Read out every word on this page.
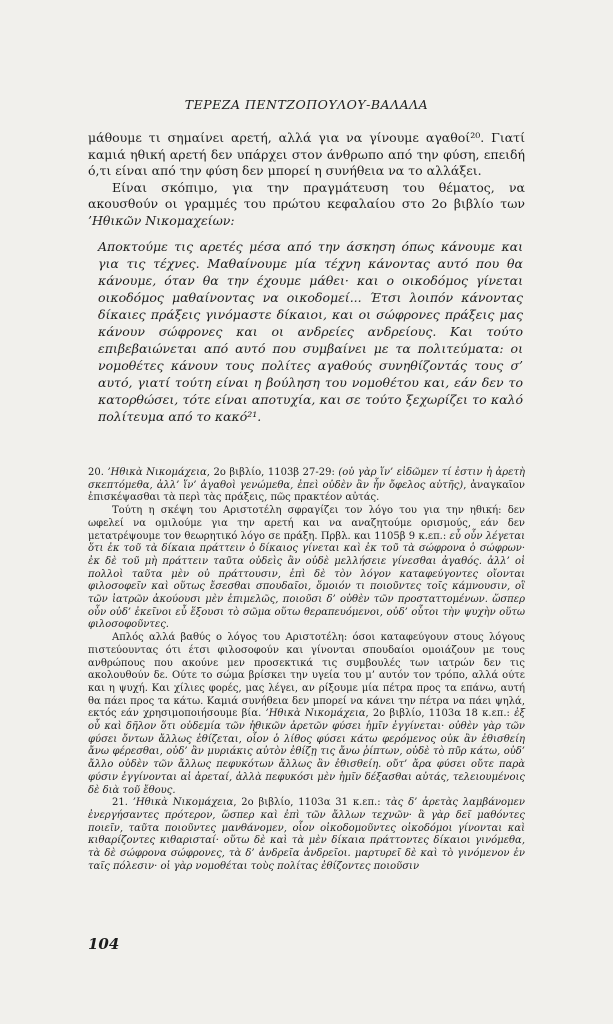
ΤΕΡΕΖΑ ΠΕΝΤΖΟΠΟΥΛΟΥ-ΒΑΛΑΛΑ

μάθουμε τι σημαίνει αρετή, αλλά για να γίνουμε αγαθοί²⁰. Γιατί καμιά ηθική αρετή δεν υπάρχει στον άνθρωπο από την φύση, επειδή ό,τι είναι από την φύση δεν μπορεί η συνήθεια να το αλλάξει.

Είναι σκόπιμο, για την πραγμάτευση του θέματος, να ακουσθούν οι γραμμές του πρώτου κεφαλαίου στο 2ο βιβλίο των ’Ηθικῶν Νικομαχείων:

Αποκτούμε τις αρετές μέσα από την άσκηση όπως κάνουμε και για τις τέχνες. Μαθαίνουμε μία τέχνη κάνοντας αυτό που θα κάνουμε, όταν θα την έχουμε μάθει· και ο οικοδόμος γίνεται οικοδόμος μαθαίνοντας να οικοδομεί... Έτσι λοιπόν κάνοντας δίκαιες πράξεις γινόμαστε δίκαιοι, και οι σώφρονες πράξεις μας κάνουν σώφρονες και οι ανδρείες ανδρείους. Και τούτο επιβεβαιώνεται από αυτό που συμβαίνει με τα πολιτεύματα: οι νομοθέτες κάνουν τους πολίτες αγαθούς συνηθίζοντάς τους σ’ αυτό, γιατί τούτη είναι η βούληση του νομοθέτου και, εάν δεν το κατορθώσει, τότε είναι αποτυχία, και σε τούτο ξεχωρίζει το καλό πολίτευμα από το κακό²¹.

20. ’Ηθικὰ Νικομάχεια, 2ο βιβλίο, 1103β 27-29: (οὐ γὰρ ἵν’ εἰδῶμεν τί ἐστιν ἡ ἀρετὴ σκεπτόμεθα, ἀλλ’ ἵν’ ἀγαθοὶ γενώμεθα, ἐπεὶ οὐδὲν ἂν ἦν ὄφελος αὐτῆς), ἀναγκαῖον ἐπισκέψασθαι τὰ περὶ τὰς πράξεις, πῶς πρακτέον αὐτάς.

Τούτη η σκέψη του Αριστοτέλη σφραγίζει τον λόγο του για την ηθική: δεν ωφελεί να ομιλούμε για την αρετή και να αναζητούμε ορισμούς, εάν δεν μετατρέψουμε τον θεωρητικό λόγο σε πράξη. Πρβλ. και 1105β 9 κ.επ.: εὖ οὖν λέγεται ὅτι ἐκ τοῦ τὰ δίκαια πράττειν ὁ δίκαιος γίνεται καὶ ἐκ τοῦ τὰ σώφρονα ὁ σώφρων· ἐκ δὲ τοῦ μὴ πράττειν ταῦτα οὐδεὶς ἂν οὐδὲ μελλήσειε γίνεσθαι ἀγαθός. ἀλλ’ οἱ πολλοὶ ταῦτα μὲν οὐ πράττουσιν, ἐπὶ δὲ τὸν λόγον καταφεύγοντες οἴονται φιλοσοφεῖν καὶ οὕτως ἔσεσθαι σπουδαῖοι, ὅμοιόν τι ποιοῦντες τοῖς κάμνουσιν, οἳ τῶν ἰατρῶν ἀκούουσι μὲν ἐπιμελῶς, ποιοῦσι δ’ οὐθὲν τῶν προσταττομένων. ὥσπερ οὖν οὐδ’ ἐκεῖνοι εὖ ἕξουσι τὸ σῶμα οὕτω θεραπευόμενοι, οὐδ’ οὗτοι τὴν ψυχὴν οὕτω φιλοσοφοῦντες.

Απλός αλλά βαθύς ο λόγος του Αριστοτέλη: όσοι καταφεύγουν στους λόγους πιστεύουντας ότι έτσι φιλοσοφούν και γίνονται σπουδαίοι ομοιάζουν με τους ανθρώπους που ακούνε μεν προσεκτικά τις συμβουλές των ιατρών δεν τις ακολουθούν δε. Ούτε το σώμα βρίσκει την υγεία του μ’ αυτόν τον τρόπο, αλλά ούτε και η ψυχή. Και χίλιες φορές, μας λέγει, αν ρίξουμε μία πέτρα προς τα επάνω, αυτή θα πάει προς τα κάτω. Καμιά συνήθεια δεν μπορεί να κάνει την πέτρα να πάει ψηλά, εκτός εάν χρησιμοποιήσουμε βία. ’Ηθικὰ Νικομάχεια, 2ο βιβλίο, 1103α 18 κ.επ.: ἐξ οὗ καὶ δῆλον ὅτι οὐδεμία τῶν ἠθικῶν ἀρετῶν φύσει ἡμῖν ἐγγίνεται· οὐθὲν γὰρ τῶν φύσει ὄντων ἄλλως ἐθίζεται, οἷον ὁ λίθος φύσει κάτω φερόμενος οὐκ ἂν ἐθισθείη ἄνω φέρεσθαι, οὐδ’ ἂν μυριάκις αὐτὸν ἐθίζῃ τις ἄνω ῥίπτων, οὐδὲ τὸ πῦρ κάτω, οὐδ’ ἄλλο οὐδὲν τῶν ἄλλως πεφυκότων ἄλλως ἂν ἐθισθείη. οὔτ’ ἄρα φύσει οὔτε παρὰ φύσιν ἐγγίνονται αἱ ἀρεταί, ἀλλὰ πεφυκόσι μὲν ἡμῖν δέξασθαι αὐτάς, τελειουμένοις δὲ διὰ τοῦ ἔθους.

21. ’Ηθικὰ Νικομάχεια, 2ο βιβλίο, 1103α 31 κ.επ.: τὰς δ’ ἀρετὰς λαμβάνομεν ἐνεργήσαντες πρότερον, ὥσπερ καὶ ἐπὶ τῶν ἄλλων τεχνῶν· ἃ γὰρ δεῖ μαθόντες ποιεῖν, ταῦτα ποιοῦντες μανθάνομεν, οἷον οἰκοδομοῦντες οἰκοδόμοι γίνονται καὶ κιθαρίζοντες κιθαρισταί· οὕτω δὲ καὶ τὰ μὲν δίκαια πράττοντες δίκαιοι γινόμεθα, τὰ δὲ σώφρονα σώφρονες, τὰ δ’ ἀνδρεῖα ἀνδρεῖοι. μαρτυρεῖ δὲ καὶ τὸ γινόμενον ἐν ταῖς πόλεσιν· οἱ γὰρ νομοθέται τοὺς πολίτας ἐθίζοντες ποιοῦσιν

104
